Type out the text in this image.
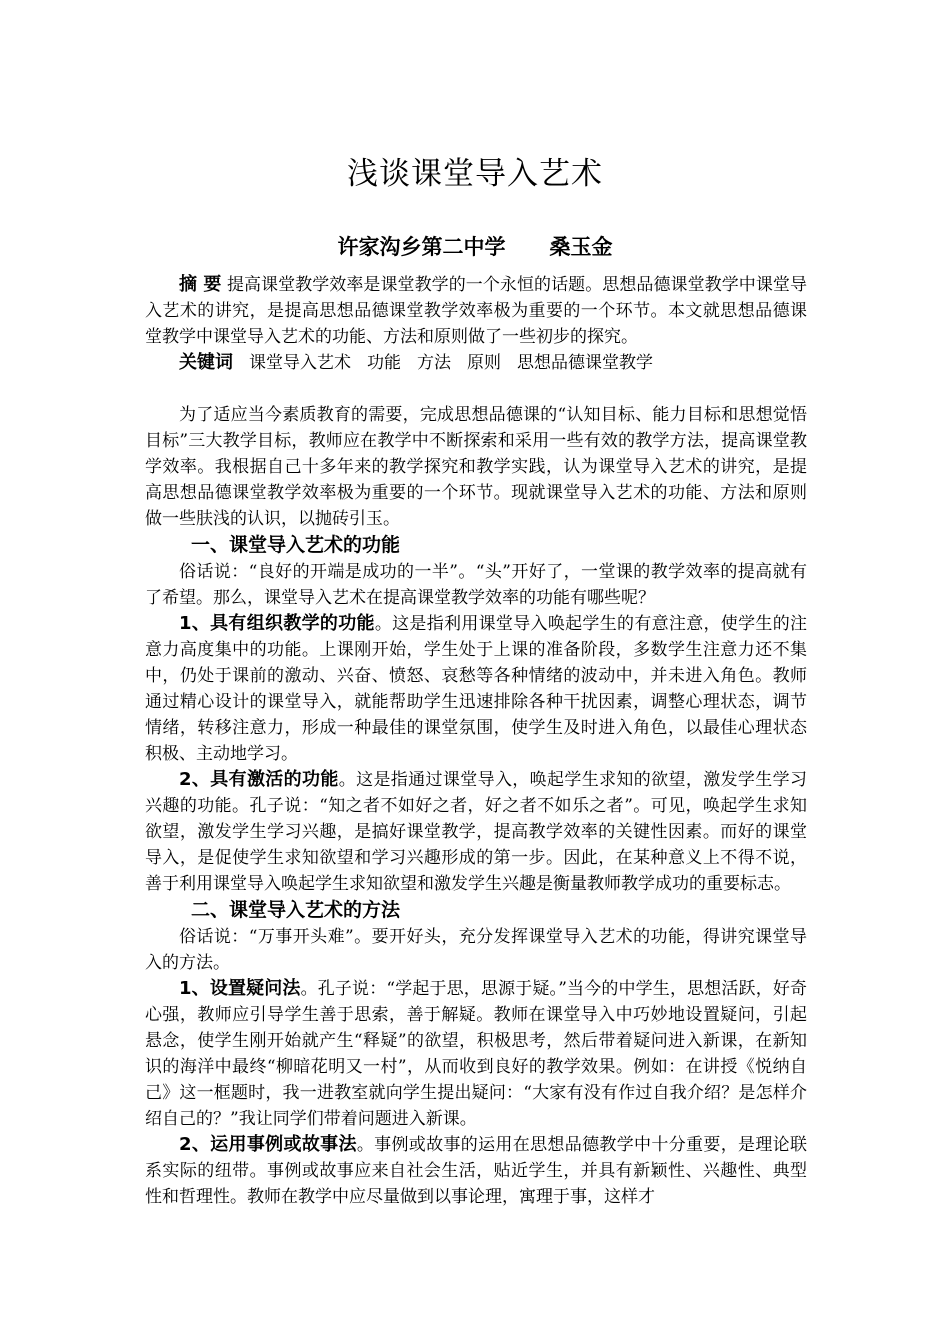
浅谈课堂导入艺术
许家沟乡第二中学 桑玉金

摘 要 提高课堂教学效率是课堂教学的一个永恒的话题。思想品德课堂教学中课堂导入艺术的讲究，是提高思想品德课堂教学效率极为重要的一个环节。本文就思想品德课堂教学中课堂导入艺术的功能、方法和原则做了一些初步的探究。

关键词 课堂导入艺术 功能 方法 原则 思想品德课堂教学

为了适应当今素质教育的需要，完成思想品德课的“认知目标、能力目标和思想觉悟目标”三大教学目标，教师应在教学中不断探索和采用一些有效的教学方法，提高课堂教学效率。我根据自己十多年来的教学探究和教学实践，认为课堂导入艺术的讲究，是提高思想品德课堂教学效率极为重要的一个环节。现就课堂导入艺术的功能、方法和原则做一些肤浅的认识，以抛砖引玉。

一、课堂导入艺术的功能

俗话说：“良好的开端是成功的一半”。“头”开好了，一堂课的教学效率的提高就有了希望。那么，课堂导入艺术在提高课堂教学效率的功能有哪些呢？

1、具有组织教学的功能。这是指利用课堂导入唤起学生的有意注意，使学生的注意力高度集中的功能。上课刚开始，学生处于上课的准备阶段，多数学生注意力还不集中，仍处于课前的激动、兴奋、愤怒、哀愁等各种情绪的波动中，并未进入角色。教师通过精心设计的课堂导入，就能帮助学生迅速排除各种干扰因素，调整心理状态，调节情绪，转移注意力，形成一种最佳的课堂氛围，使学生及时进入角色，以最佳心理状态积极、主动地学习。

2、具有激活的功能。这是指通过课堂导入，唤起学生求知的欲望，激发学生学习兴趣的功能。孔子说：“知之者不如好之者，好之者不如乐之者”。可见，唤起学生求知欲望，激发学生学习兴趣，是搞好课堂教学，提高教学效率的关键性因素。而好的课堂导入，是促使学生求知欲望和学习兴趣形成的第一步。因此，在某种意义上不得不说，善于利用课堂导入唤起学生求知欲望和激发学生兴趣是衡量教师教学成功的重要标志。

二、课堂导入艺术的方法

俗话说：“万事开头难”。要开好头，充分发挥课堂导入艺术的功能，得讲究课堂导入的方法。

1、设置疑问法。孔子说：“学起于思，思源于疑。”当今的中学生，思想活跃，好奇心强，教师应引导学生善于思索，善于解疑。教师在课堂导入中巧妙地设置疑问，引起悬念，使学生刚开始就产生“释疑”的欲望，积极思考，然后带着疑问进入新课，在新知识的海洋中最终“柳暗花明又一村”，从而收到良好的教学效果。例如：在讲授《悦纳自己》这一框题时，我一进教室就向学生提出疑问：“大家有没有作过自我介绍？是怎样介绍自己的？”我让同学们带着问题进入新课。

2、运用事例或故事法。事例或故事的运用在思想品德教学中十分重要，是理论联系实际的纽带。事例或故事应来自社会生活，贴近学生，并具有新颖性、兴趣性、典型性和哲理性。教师在教学中应尽量做到以事论理，寓理于事，这样才
